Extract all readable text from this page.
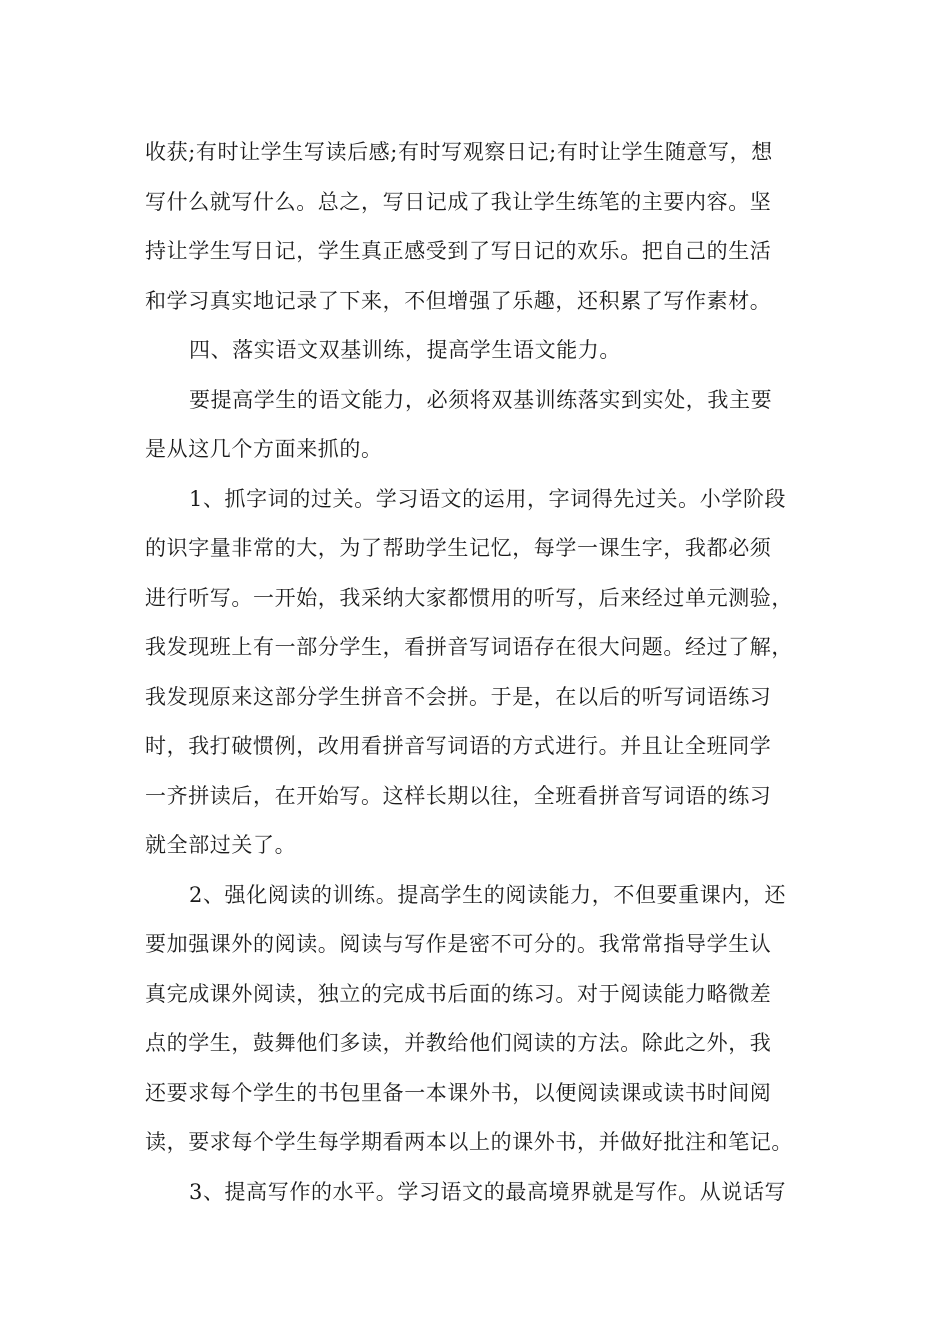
收获;有时让学生写读后感;有时写观察日记;有时让学生随意写，想
写什么就写什么。总之，写日记成了我让学生练笔的主要内容。坚
持让学生写日记，学生真正感受到了写日记的欢乐。把自己的生活
和学习真实地记录了下来，不但增强了乐趣，还积累了写作素材。
四、落实语文双基训练，提高学生语文能力。
要提高学生的语文能力，必须将双基训练落实到实处，我主要
是从这几个方面来抓的。
1、抓字词的过关。学习语文的运用，字词得先过关。小学阶段
的识字量非常的大，为了帮助学生记忆，每学一课生字，我都必须
进行听写。一开始，我采纳大家都惯用的听写，后来经过单元测验，
我发现班上有一部分学生，看拼音写词语存在很大问题。经过了解，
我发现原来这部分学生拼音不会拼。于是，在以后的听写词语练习
时，我打破惯例，改用看拼音写词语的方式进行。并且让全班同学
一齐拼读后，在开始写。这样长期以往，全班看拼音写词语的练习
就全部过关了。
2、强化阅读的训练。提高学生的阅读能力，不但要重课内，还
要加强课外的阅读。阅读与写作是密不可分的。我常常指导学生认
真完成课外阅读，独立的完成书后面的练习。对于阅读能力略微差
点的学生，鼓舞他们多读，并教给他们阅读的方法。除此之外，我
还要求每个学生的书包里备一本课外书，以便阅读课或读书时间阅
读，要求每个学生每学期看两本以上的课外书，并做好批注和笔记。
3、提高写作的水平。学习语文的最高境界就是写作。从说话写
